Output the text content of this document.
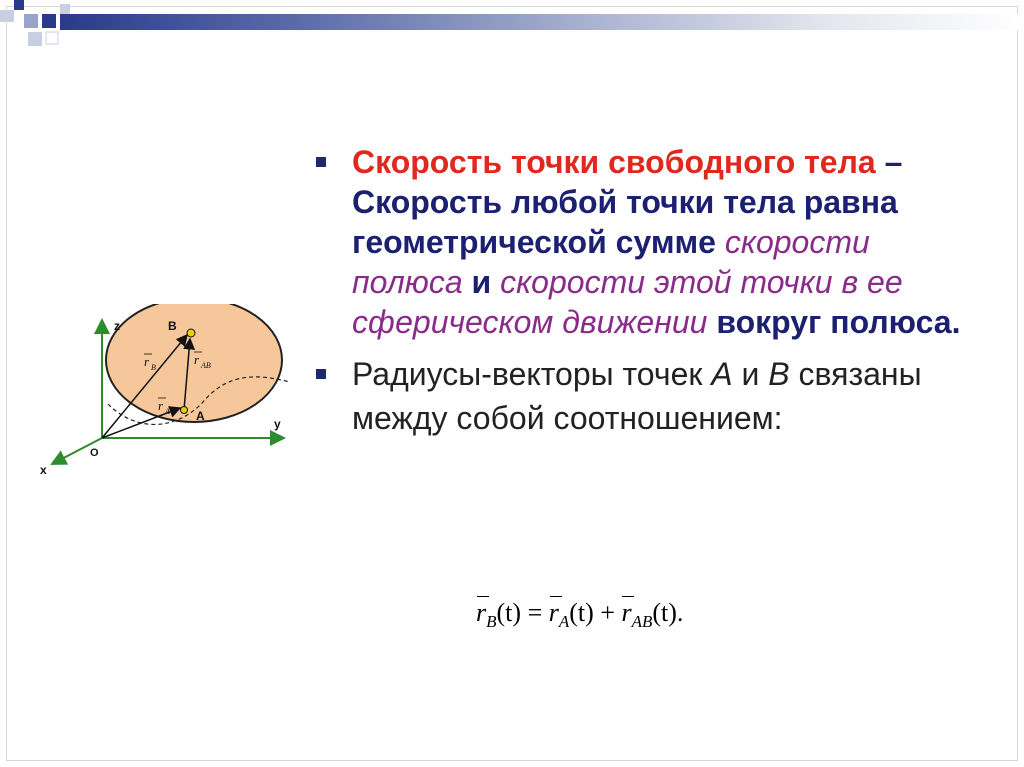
z
y
x
O
B
A
r B
r AB
r A
Скорость точки свободного тела – Скорость любой точки тела равна геометрической сумме скорости полюса и скорости этой точки в ее сферическом движении вокруг полюса.
Радиусы-векторы точек A и B связаны между собой соотношением:
$r_B(t) = r_A(t) + r_{AB}(t)$.
